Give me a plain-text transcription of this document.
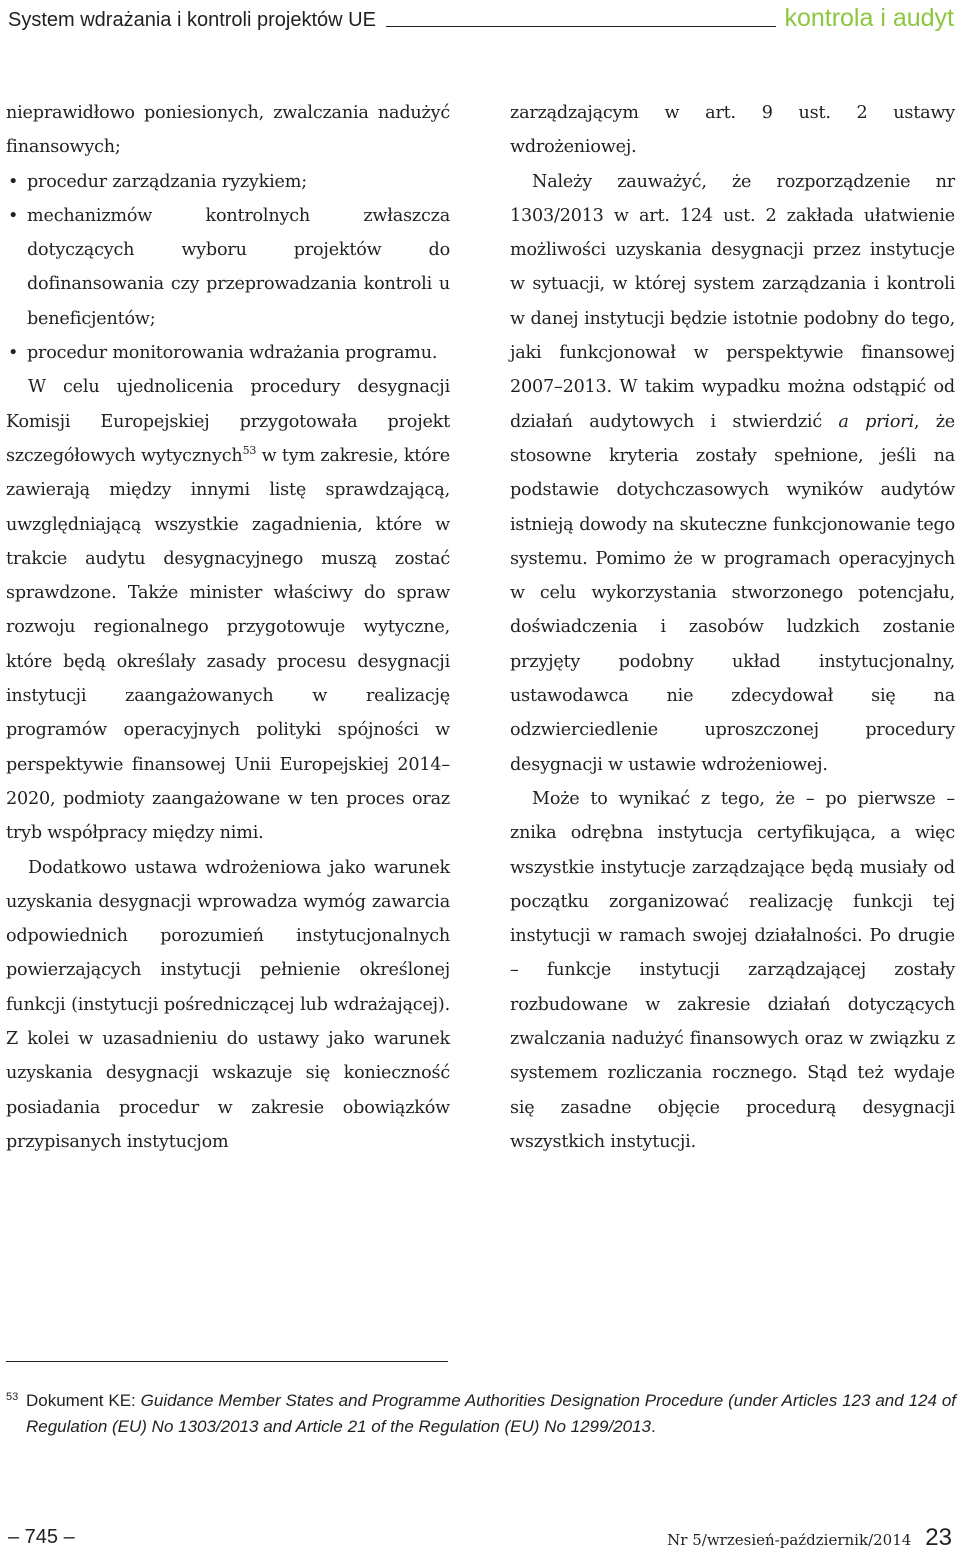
System wdrażania i kontroli projektów UE	kontrola i audyt

nieprawidłowo poniesionych, zwalczania nadużyć finansowych;

• procedur zarządzania ryzykiem;
• mechanizmów kontrolnych zwłaszcza dotyczących wyboru projektów do dofinansowania czy przeprowadzania kontroli u beneficjentów;
• procedur monitorowania wdrażania programu.

W celu ujednolicenia procedury desygnacji Komisji Europejskiej przygotowała projekt szczegółowych wytycznych$^{53}$ w tym zakresie, które zawierają między innymi listę sprawdzającą, uwzględniającą wszystkie zagadnienia, które w trakcie audytu desygnacyjnego muszą zostać sprawdzone. Także minister właściwy do spraw rozwoju regionalnego przygotowuje wytyczne, które będą określały zasady procesu desygnacji instytucji zaangażowanych w realizację programów operacyjnych polityki spójności w perspektywie finansowej Unii Europejskiej 2014–2020, podmioty zaangażowane w ten proces oraz tryb współpracy między nimi.

Dodatkowo ustawa wdrożeniowa jako warunek uzyskania desygnacji wprowadza wymóg zawarcia odpowiednich porozumień instytucjonalnych powierzających instytucji pełnienie określonej funkcji (instytucji pośredniczącej lub wdrażającej). Z kolei w uzasadnieniu do ustawy jako warunek uzyskania desygnacji wskazuje się konieczność posiadania procedur w zakresie obowiązków przypisanych instytucjom

zarządzającym w art. 9 ust. 2 ustawy wdrożeniowej.

Należy zauważyć, że rozporządzenie nr 1303/2013 w art. 124 ust. 2 zakłada ułatwienie możliwości uzyskania desygnacji przez instytucje w sytuacji, w której system zarządzania i kontroli w danej instytucji będzie istotnie podobny do tego, jaki funkcjonował w perspektywie finansowej 2007–2013. W takim wypadku można odstąpić od działań audytowych i stwierdzić a priori, że stosowne kryteria zostały spełnione, jeśli na podstawie dotychczasowych wyników audytów istnieją dowody na skuteczne funkcjonowanie tego systemu. Pomimo że w programach operacyjnych w celu wykorzystania stworzonego potencjału, doświadczenia i zasobów ludzkich zostanie przyjęty podobny układ instytucjonalny, ustawodawca nie zdecydował się na odzwierciedlenie uproszczonej procedury desygnacji w ustawie wdrożeniowej.

Może to wynikać z tego, że – po pierwsze – znika odrębna instytucja certyfikująca, a więc wszystkie instytucje zarządzające będą musiały od początku zorganizować realizację funkcji tej instytucji w ramach swojej działalności. Po drugie – funkcje instytucji zarządzającej zostały rozbudowane w zakresie działań dotyczących zwalczania nadużyć finansowych oraz w związku z systemem rozliczania rocznego. Stąd też wydaje się zasadne objęcie procedurą desygnacji wszystkich instytucji.

53 Dokument KE: Guidance Member States and Programme Authorities Designation Procedure (under Articles 123 and 124 of Regulation (EU) No 1303/2013 and Article 21 of the Regulation (EU) No 1299/2013.
– 745 –	Nr 5/wrzesień-październik/2014 23
